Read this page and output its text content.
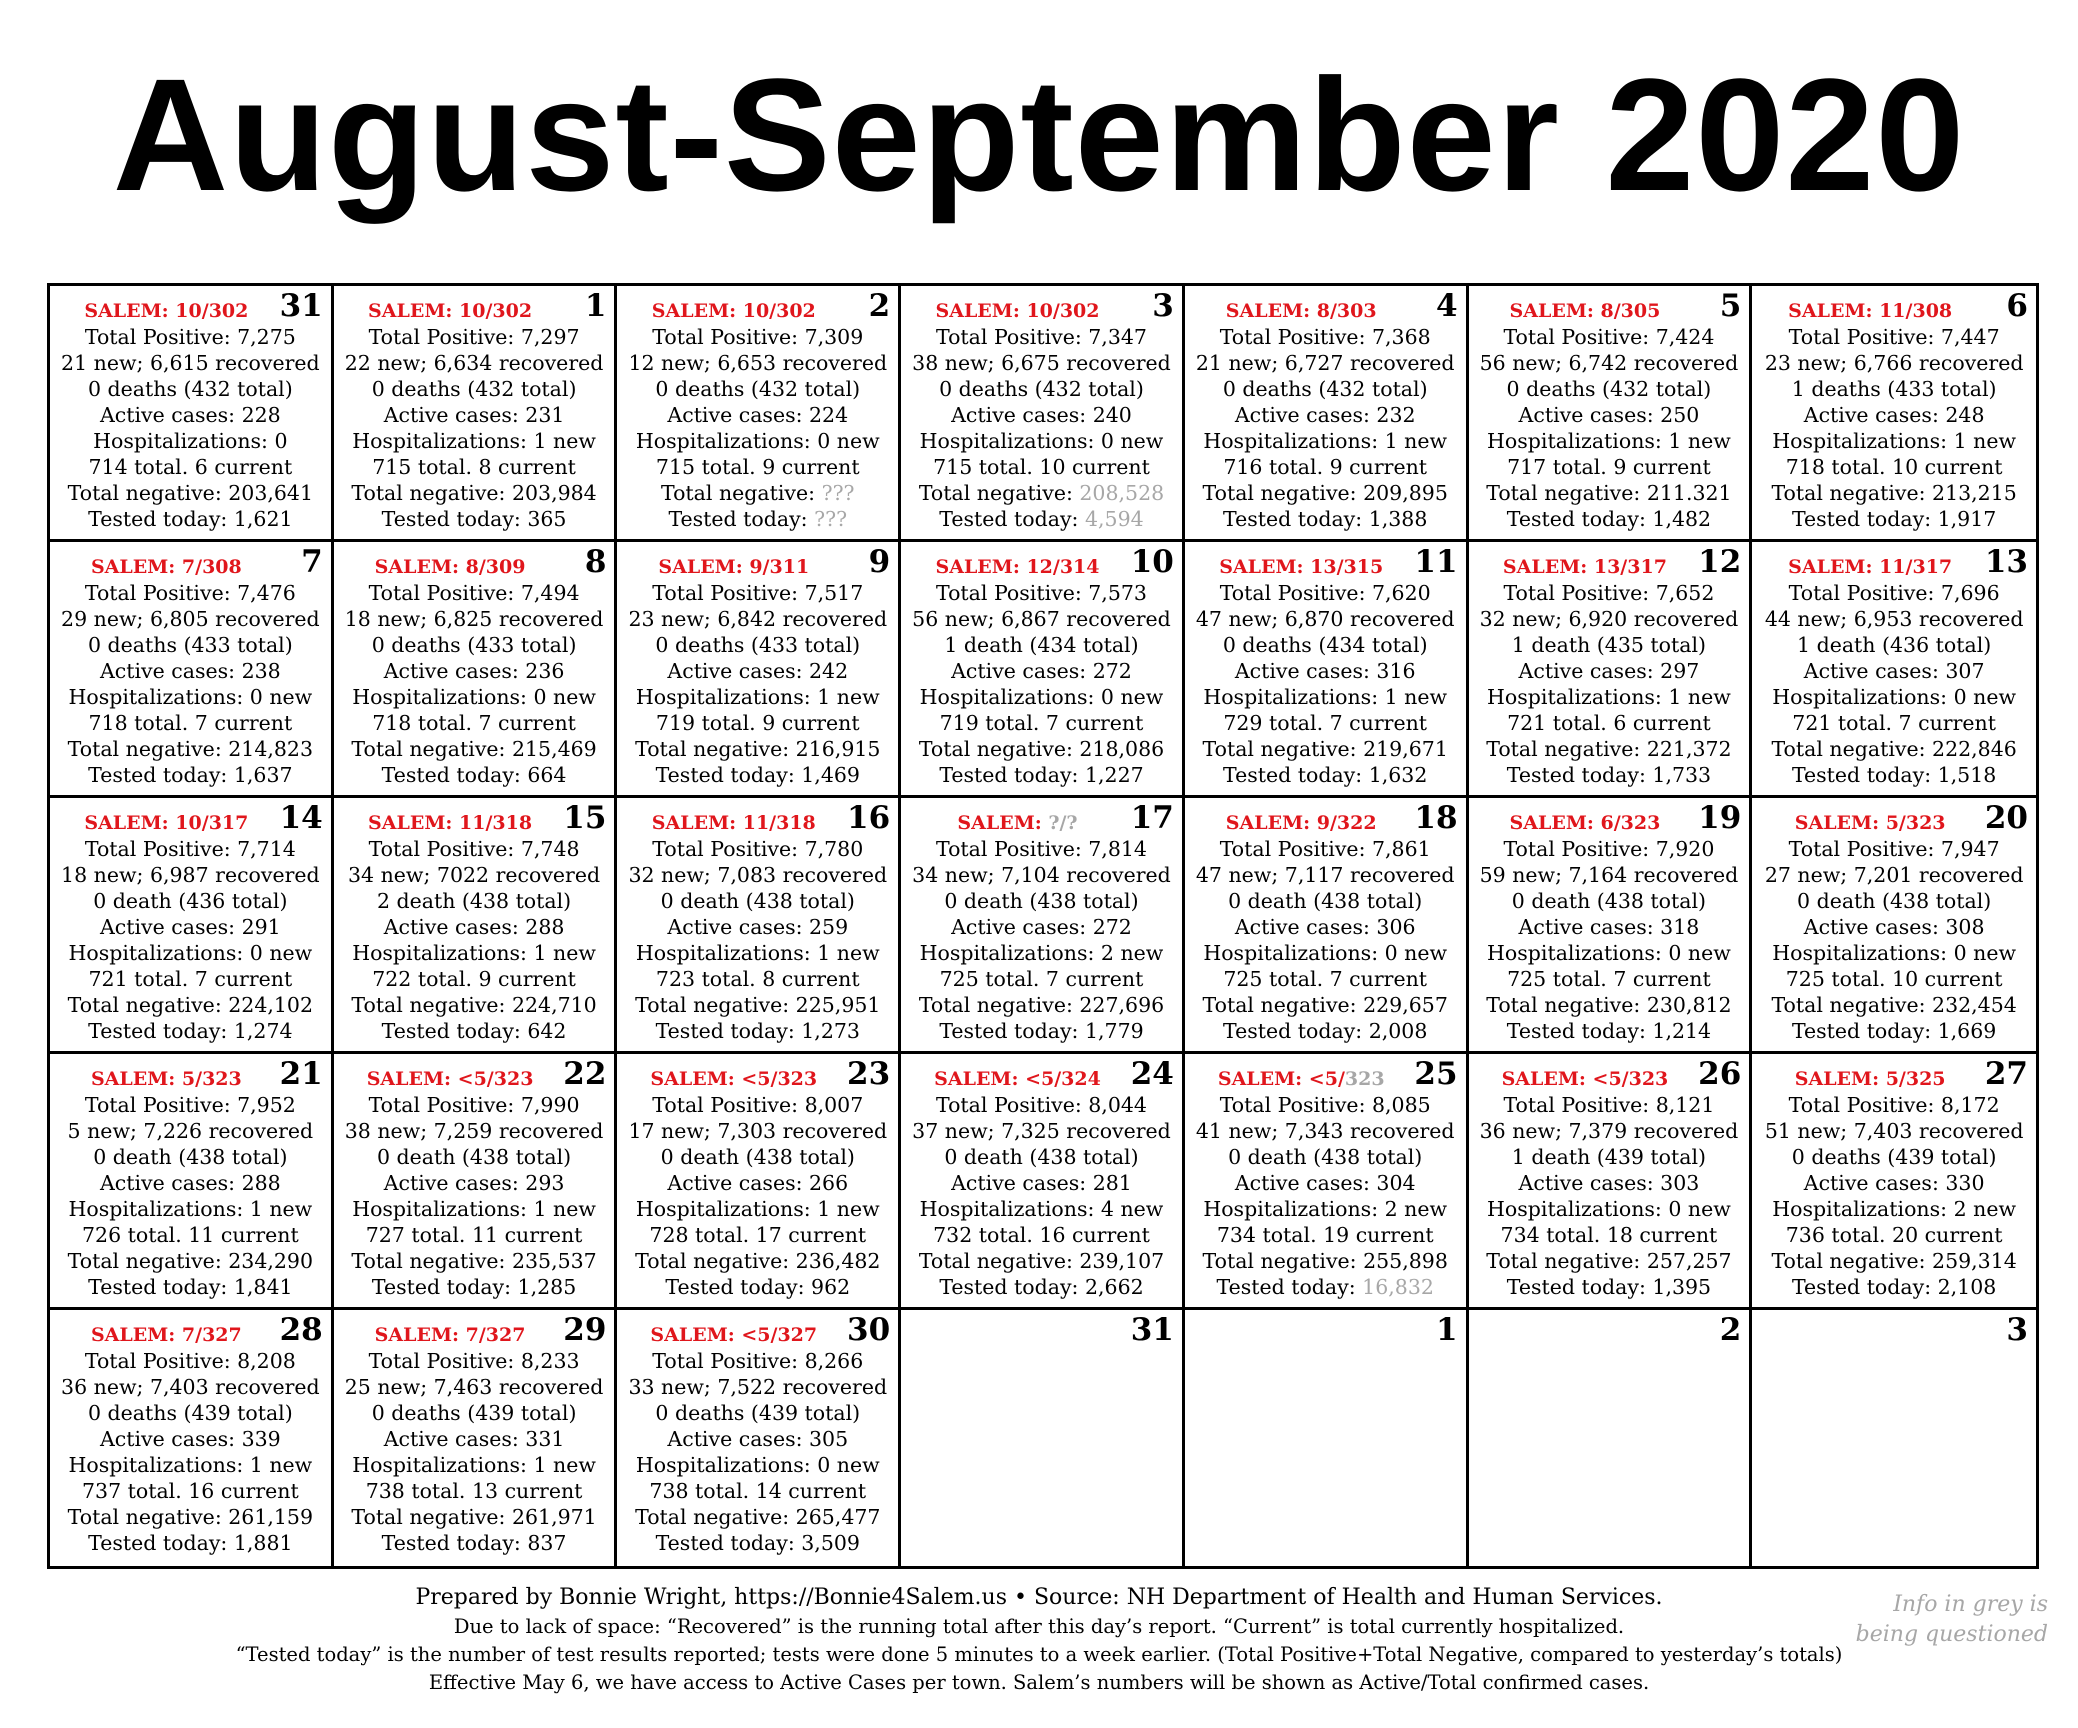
August-September 2020
SALEM: 10/302	31
Total Positive: 7,275
21 new; 6,615 recovered
0 deaths (432 total)
Active cases: 228
Hospitalizations: 0
714 total. 6 current
Total negative: 203,641
Tested today: 1,621
SALEM: 10/302	1
Total Positive: 7,297
22 new; 6,634 recovered
0 deaths (432 total)
Active cases: 231
Hospitalizations: 1 new
715 total. 8 current
Total negative: 203,984
Tested today: 365
SALEM: 10/302	2
Total Positive: 7,309
12 new; 6,653 recovered
0 deaths (432 total)
Active cases: 224
Hospitalizations: 0 new
715 total. 9 current
Total negative: ???
Tested today: ???
SALEM: 10/302	3
Total Positive: 7,347
38 new; 6,675 recovered
0 deaths (432 total)
Active cases: 240
Hospitalizations: 0 new
715 total. 10 current
Total negative: 208,528
Tested today: 4,594
SALEM: 8/303	4
Total Positive: 7,368
21 new; 6,727 recovered
0 deaths (432 total)
Active cases: 232
Hospitalizations: 1 new
716 total. 9 current
Total negative: 209,895
Tested today: 1,388
SALEM: 8/305	5
Total Positive: 7,424
56 new; 6,742 recovered
0 deaths (432 total)
Active cases: 250
Hospitalizations: 1 new
717 total. 9 current
Total negative: 211.321
Tested today: 1,482
SALEM: 11/308	6
Total Positive: 7,447
23 new; 6,766 recovered
1 deaths (433 total)
Active cases: 248
Hospitalizations: 1 new
718 total. 10 current
Total negative: 213,215
Tested today: 1,917
SALEM: 7/308	7
Total Positive: 7,476
29 new; 6,805 recovered
0 deaths (433 total)
Active cases: 238
Hospitalizations: 0 new
718 total. 7 current
Total negative: 214,823
Tested today: 1,637
SALEM: 8/309	8
Total Positive: 7,494
18 new; 6,825 recovered
0 deaths (433 total)
Active cases: 236
Hospitalizations: 0 new
718 total. 7 current
Total negative: 215,469
Tested today: 664
SALEM: 9/311	9
Total Positive: 7,517
23 new; 6,842 recovered
0 deaths (433 total)
Active cases: 242
Hospitalizations: 1 new
719 total. 9 current
Total negative: 216,915
Tested today: 1,469
SALEM: 12/314	10
Total Positive: 7,573
56 new; 6,867 recovered
1 death (434 total)
Active cases: 272
Hospitalizations: 0 new
719 total. 7 current
Total negative: 218,086
Tested today: 1,227
SALEM: 13/315	11
Total Positive: 7,620
47 new; 6,870 recovered
0 deaths (434 total)
Active cases: 316
Hospitalizations: 1 new
729 total. 7 current
Total negative: 219,671
Tested today: 1,632
SALEM: 13/317	12
Total Positive: 7,652
32 new; 6,920 recovered
1 death (435 total)
Active cases: 297
Hospitalizations: 1 new
721 total. 6 current
Total negative: 221,372
Tested today: 1,733
SALEM: 11/317	13
Total Positive: 7,696
44 new; 6,953 recovered
1 death (436 total)
Active cases: 307
Hospitalizations: 0 new
721 total. 7 current
Total negative: 222,846
Tested today: 1,518
SALEM: 10/317	14
Total Positive: 7,714
18 new; 6,987 recovered
0 death (436 total)
Active cases: 291
Hospitalizations: 0 new
721 total. 7 current
Total negative: 224,102
Tested today: 1,274
SALEM: 11/318	15
Total Positive: 7,748
34 new; 7022 recovered
2 death (438 total)
Active cases: 288
Hospitalizations: 1 new
722 total. 9 current
Total negative: 224,710
Tested today: 642
SALEM: 11/318	16
Total Positive: 7,780
32 new; 7,083 recovered
0 death (438 total)
Active cases: 259
Hospitalizations: 1 new
723 total. 8 current
Total negative: 225,951
Tested today: 1,273
SALEM: ?/?	17
Total Positive: 7,814
34 new; 7,104 recovered
0 death (438 total)
Active cases: 272
Hospitalizations: 2 new
725 total. 7 current
Total negative: 227,696
Tested today: 1,779
SALEM: 9/322	18
Total Positive: 7,861
47 new; 7,117 recovered
0 death (438 total)
Active cases: 306
Hospitalizations: 0 new
725 total. 7 current
Total negative: 229,657
Tested today: 2,008
SALEM: 6/323	19
Total Positive: 7,920
59 new; 7,164 recovered
0 death (438 total)
Active cases: 318
Hospitalizations: 0 new
725 total. 7 current
Total negative: 230,812
Tested today: 1,214
SALEM: 5/323	20
Total Positive: 7,947
27 new; 7,201 recovered
0 death (438 total)
Active cases: 308
Hospitalizations: 0 new
725 total. 10 current
Total negative: 232,454
Tested today: 1,669
SALEM: 5/323	21
Total Positive: 7,952
5 new; 7,226 recovered
0 death (438 total)
Active cases: 288
Hospitalizations: 1 new
726 total. 11 current
Total negative: 234,290
Tested today: 1,841
SALEM: <5/323 22
Total Positive: 7,990
38 new; 7,259 recovered
0 death (438 total)
Active cases: 293
Hospitalizations: 1 new
727 total. 11 current
Total negative: 235,537
Tested today: 1,285
SALEM: <5/323 23
Total Positive: 8,007
17 new; 7,303 recovered
0 death (438 total)
Active cases: 266
Hospitalizations: 1 new
728 total. 17 current
Total negative: 236,482
Tested today: 962
SALEM: <5/324 24
Total Positive: 8,044
37 new; 7,325 recovered
0 death (438 total)
Active cases: 281
Hospitalizations: 4 new
732 total. 16 current
Total negative: 239,107
Tested today: 2,662
SALEM: <5/323 25
Total Positive: 8,085
41 new; 7,343 recovered
0 death (438 total)
Active cases: 304
Hospitalizations: 2 new
734 total. 19 current
Total negative: 255,898
Tested today: 16,832
SALEM: <5/323 26
Total Positive: 8,121
36 new; 7,379 recovered
1 death (439 total)
Active cases: 303
Hospitalizations: 0 new
734 total. 18 current
Total negative: 257,257
Tested today: 1,395
SALEM: 5/325	27
Total Positive: 8,172
51 new; 7,403 recovered
0 deaths (439 total)
Active cases: 330
Hospitalizations: 2 new
736 total. 20 current
Total negative: 259,314
Tested today: 2,108
SALEM: 7/327	28
Total Positive: 8,208
36 new; 7,403 recovered
0 deaths (439 total)
Active cases: 339
Hospitalizations: 1 new
737 total. 16 current
Total negative: 261,159
Tested today: 1,881
SALEM: 7/327	29
Total Positive: 8,233
25 new; 7,463 recovered
0 deaths (439 total)
Active cases: 331
Hospitalizations: 1 new
738 total. 13 current
Total negative: 261,971
Tested today: 837
SALEM: <5/327 30
Total Positive: 8,266
33 new; 7,522 recovered
0 deaths (439 total)
Active cases: 305
Hospitalizations: 0 new
738 total. 14 current
Total negative: 265,477
Tested today: 3,509
31	1	2	3
Prepared by Bonnie Wright, https://Bonnie4Salem.us • Source: NH Department of Health and Human Services.
Due to lack of space: “Recovered” is the running total after this day’s report. “Current” is total currently hospitalized.
“Tested today” is the number of test results reported; tests were done 5 minutes to a week earlier. (Total Positive+Total Negative, compared to yesterday’s totals)
Effective May 6, we have access to Active Cases per town. Salem’s numbers will be shown as Active/Total confirmed cases.
Info in grey is
being questioned
